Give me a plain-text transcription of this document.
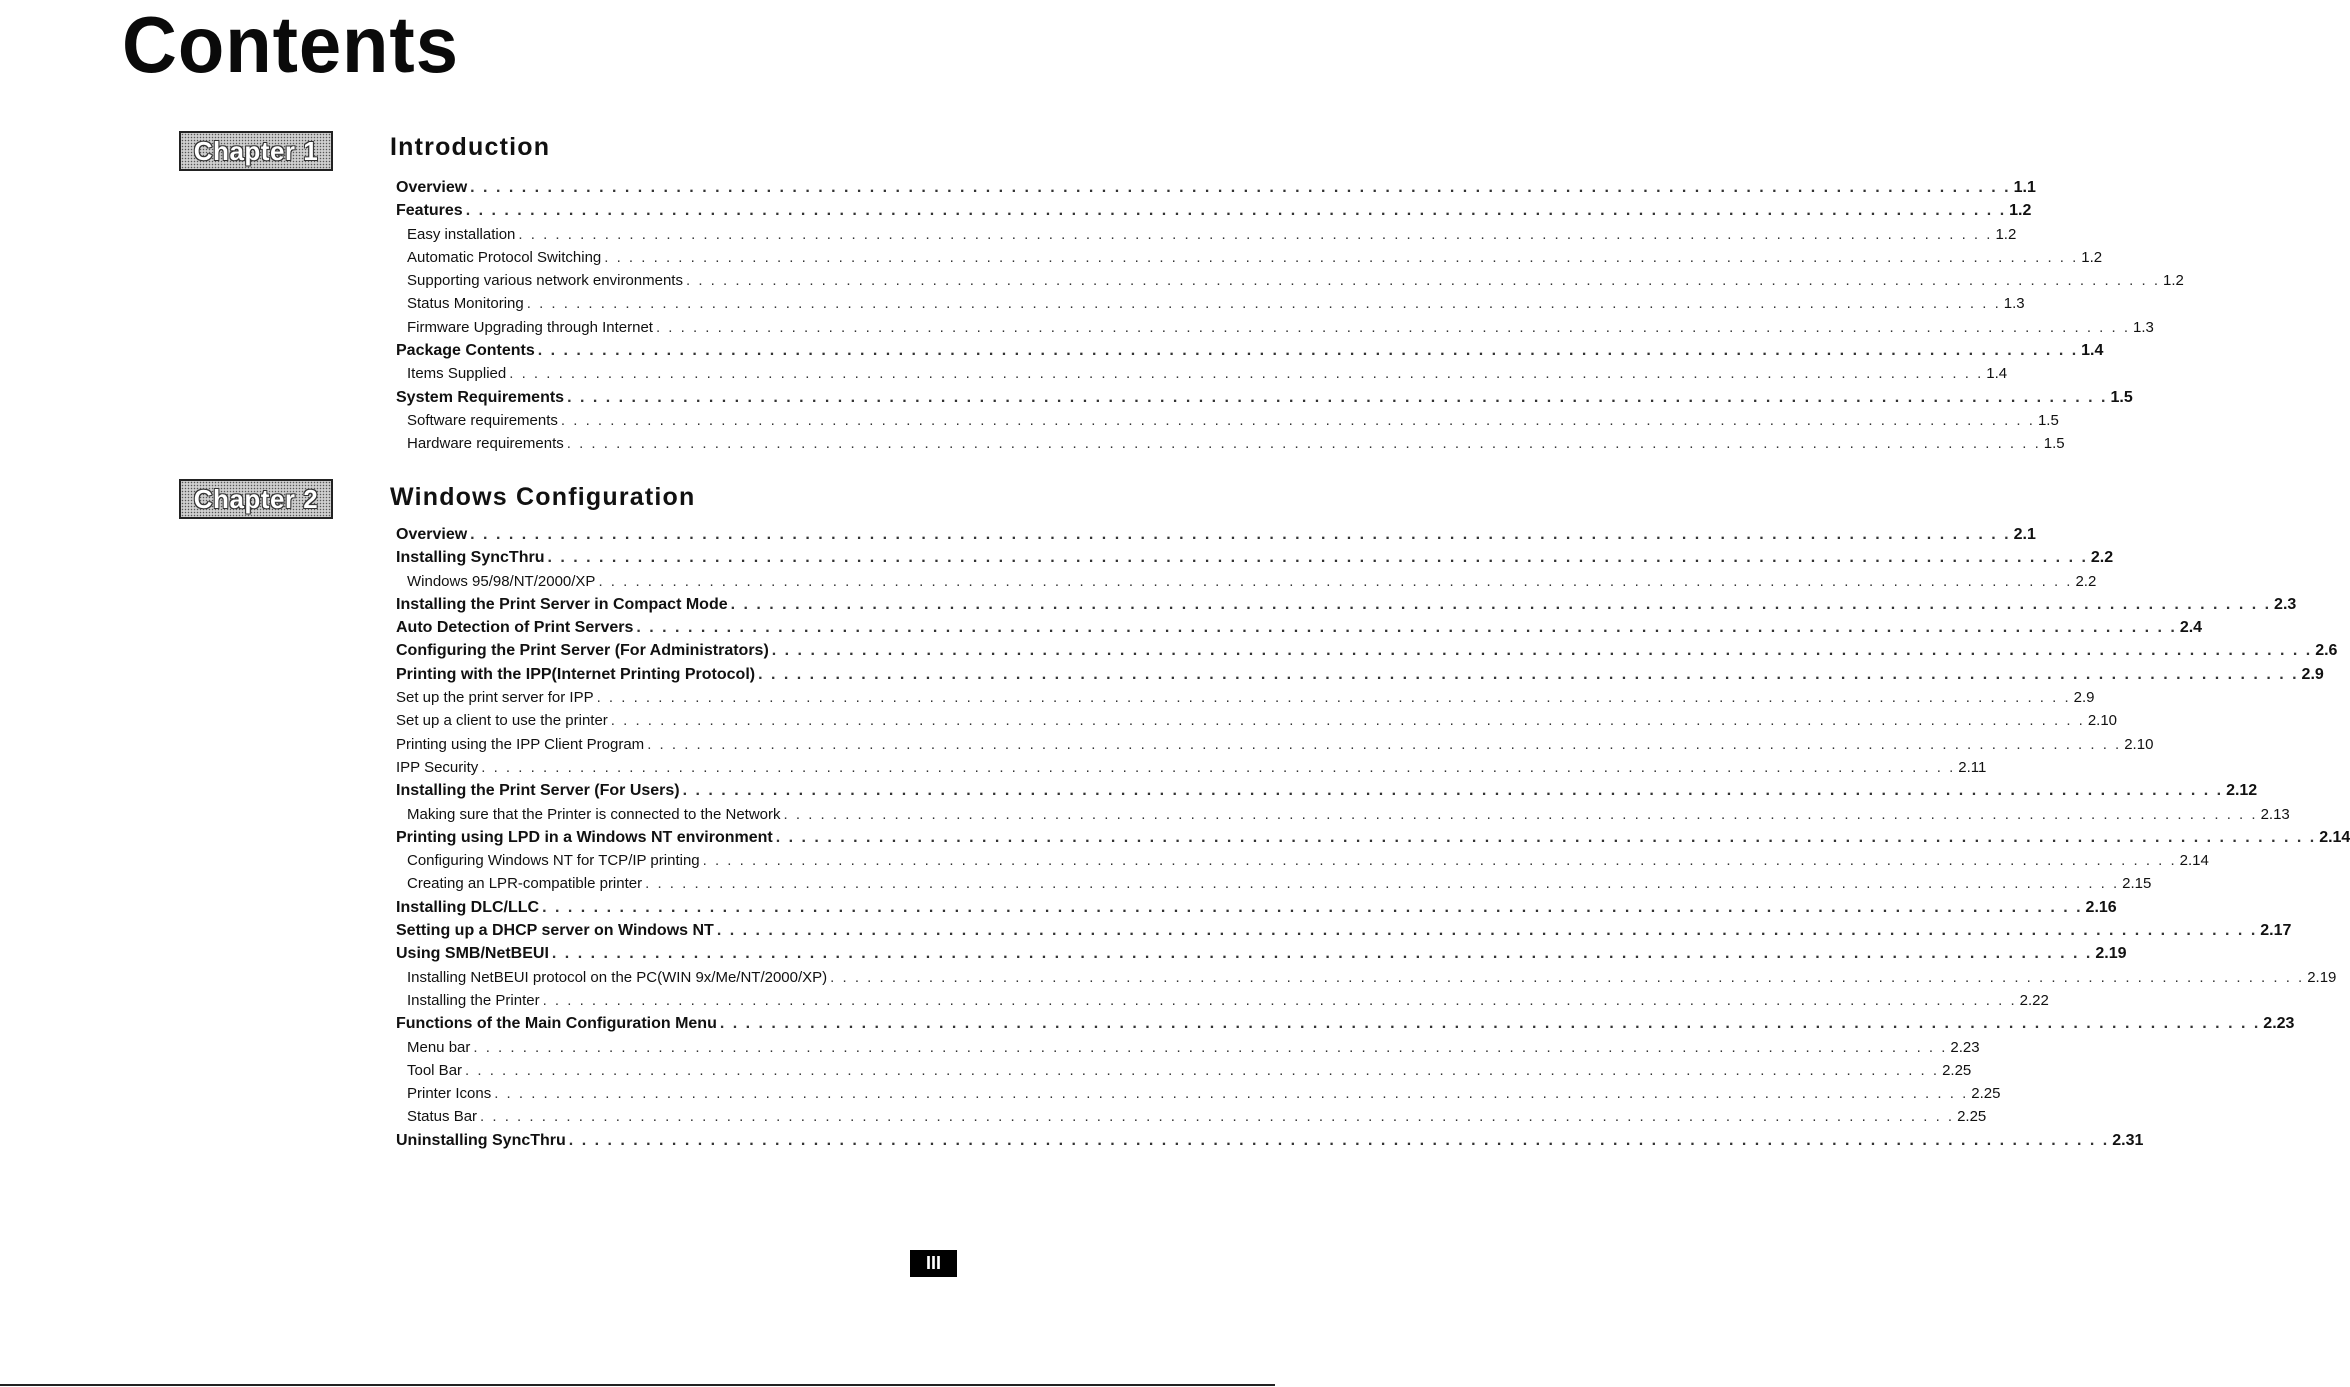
Contents
Chapter 1	Introduction
Overview . . . . . . . . . . . . . . . . . . . . . . . . . . . . . . . . . . . . . . . . . . . . . . . . . . . . . . . . . . . . . . . . . . . . . . . . . . . . . . . . . . . . . . . . . . . . . . . . . . . . . . . . . . . . . . . . . . . . . . . . 1.1
Features . . . . . . . . . . . . . . . . . . . . . . . . . . . . . . . . . . . . . . . . . . . . . . . . . . . . . . . . . . . . . . . . . . . . . . . . . . . . . . . . . . . . . . . . . . . . . . . . . . . . . . . . . . . . . . . . . . . . . . . . 1.2
Easy installation . . . . . . . . . . . . . . . . . . . . . . . . . . . . . . . . . . . . . . . . . . . . . . . . . . . . . . . . . . . . . . . . . . . . . . . . . . . . . . . . . . . . . . . . . . . . . . . . . . . . . . . . . . . . . . . . . . . . . . . . 1.2
Automatic Protocol Switching . . . . . . . . . . . . . . . . . . . . . . . . . . . . . . . . . . . . . . . . . . . . . . . . . . . . . . . . . . . . . . . . . . . . . . . . . . . . . . . . . . . . . . . . . . . . . . . . . . . . . . . . . . . . . . . . . . . . . . . . 1.2
Supporting various network environments . . . . . . . . . . . . . . . . . . . . . . . . . . . . . . . . . . . . . . . . . . . . . . . . . . . . . . . . . . . . . . . . . . . . . . . . . . . . . . . . . . . . . . . . . . . . . . . . . . . . . . . . . . . . . . . . . . . . . . . . 1.2
Status Monitoring . . . . . . . . . . . . . . . . . . . . . . . . . . . . . . . . . . . . . . . . . . . . . . . . . . . . . . . . . . . . . . . . . . . . . . . . . . . . . . . . . . . . . . . . . . . . . . . . . . . . . . . . . . . . . . . . . . . . . . . . 1.3
Firmware Upgrading through Internet . . . . . . . . . . . . . . . . . . . . . . . . . . . . . . . . . . . . . . . . . . . . . . . . . . . . . . . . . . . . . . . . . . . . . . . . . . . . . . . . . . . . . . . . . . . . . . . . . . . . . . . . . . . . . . . . . . . . . . . . 1.3
Package Contents . . . . . . . . . . . . . . . . . . . . . . . . . . . . . . . . . . . . . . . . . . . . . . . . . . . . . . . . . . . . . . . . . . . . . . . . . . . . . . . . . . . . . . . . . . . . . . . . . . . . . . . . . . . . . . . . . . . . . . . . 1.4
Items Supplied . . . . . . . . . . . . . . . . . . . . . . . . . . . . . . . . . . . . . . . . . . . . . . . . . . . . . . . . . . . . . . . . . . . . . . . . . . . . . . . . . . . . . . . . . . . . . . . . . . . . . . . . . . . . . . . . . . . . . . . . 1.4
System Requirements . . . . . . . . . . . . . . . . . . . . . . . . . . . . . . . . . . . . . . . . . . . . . . . . . . . . . . . . . . . . . . . . . . . . . . . . . . . . . . . . . . . . . . . . . . . . . . . . . . . . . . . . . . . . . . . . . . . . . . . . 1.5
Software requirements . . . . . . . . . . . . . . . . . . . . . . . . . . . . . . . . . . . . . . . . . . . . . . . . . . . . . . . . . . . . . . . . . . . . . . . . . . . . . . . . . . . . . . . . . . . . . . . . . . . . . . . . . . . . . . . . . . . . . . . . 1.5
Hardware requirements . . . . . . . . . . . . . . . . . . . . . . . . . . . . . . . . . . . . . . . . . . . . . . . . . . . . . . . . . . . . . . . . . . . . . . . . . . . . . . . . . . . . . . . . . . . . . . . . . . . . . . . . . . . . . . . . . . . . . . . . 1.5
Chapter 2	Windows Configuration
Overview . . . . . . . . . . . . . . . . . . . . . . . . . . . . . . . . . . . . . . . . . . . . . . . . . . . . . . . . . . . . . . . . . . . . . . . . . . . . . . . . . . . . . . . . . . . . . . . . . . . . . . . . . . . . . . . . . . . . . . . . 2.1
Installing SyncThru . . . . . . . . . . . . . . . . . . . . . . . . . . . . . . . . . . . . . . . . . . . . . . . . . . . . . . . . . . . . . . . . . . . . . . . . . . . . . . . . . . . . . . . . . . . . . . . . . . . . . . . . . . . . . . . . . . . . . . . . 2.2
Windows 95/98/NT/2000/XP . . . . . . . . . . . . . . . . . . . . . . . . . . . . . . . . . . . . . . . . . . . . . . . . . . . . . . . . . . . . . . . . . . . . . . . . . . . . . . . . . . . . . . . . . . . . . . . . . . . . . . . . . . . . . . . . . . . . . . . . 2.2
Installing the Print Server in Compact Mode . . . . . . . . . . . . . . . . . . . . . . . . . . . . . . . . . . . . . . . . . . . . . . . . . . . . . . . . . . . . . . . . . . . . . . . . . . . . . . . . . . . . . . . . . . . . . . . . . . . . . . . . . . . . . . . . . . . . . . . . 2.3
Auto Detection of Print Servers . . . . . . . . . . . . . . . . . . . . . . . . . . . . . . . . . . . . . . . . . . . . . . . . . . . . . . . . . . . . . . . . . . . . . . . . . . . . . . . . . . . . . . . . . . . . . . . . . . . . . . . . . . . . . . . . . . . . . . . . 2.4
Configuring the Print Server (For Administrators) . . . . . . . . . . . . . . . . . . . . . . . . . . . . . . . . . . . . . . . . . . . . . . . . . . . . . . . . . . . . . . . . . . . . . . . . . . . . . . . . . . . . . . . . . . . . . . . . . . . . . . . . . . . . . . . . . . . . . . . . 2.6
Printing with the IPP(Internet Printing Protocol) . . . . . . . . . . . . . . . . . . . . . . . . . . . . . . . . . . . . . . . . . . . . . . . . . . . . . . . . . . . . . . . . . . . . . . . . . . . . . . . . . . . . . . . . . . . . . . . . . . . . . . . . . . . . . . . . . . . . . . . . 2.9
Set up the print server for IPP . . . . . . . . . . . . . . . . . . . . . . . . . . . . . . . . . . . . . . . . . . . . . . . . . . . . . . . . . . . . . . . . . . . . . . . . . . . . . . . . . . . . . . . . . . . . . . . . . . . . . . . . . . . . . . . . . . . . . . . . 2.9
Set up a client to use the printer . . . . . . . . . . . . . . . . . . . . . . . . . . . . . . . . . . . . . . . . . . . . . . . . . . . . . . . . . . . . . . . . . . . . . . . . . . . . . . . . . . . . . . . . . . . . . . . . . . . . . . . . . . . . . . . . . . . . . . . . 2.10
Printing using the IPP Client Program . . . . . . . . . . . . . . . . . . . . . . . . . . . . . . . . . . . . . . . . . . . . . . . . . . . . . . . . . . . . . . . . . . . . . . . . . . . . . . . . . . . . . . . . . . . . . . . . . . . . . . . . . . . . . . . . . . . . . . . . 2.10
IPP Security . . . . . . . . . . . . . . . . . . . . . . . . . . . . . . . . . . . . . . . . . . . . . . . . . . . . . . . . . . . . . . . . . . . . . . . . . . . . . . . . . . . . . . . . . . . . . . . . . . . . . . . . . . . . . . . . . . . . . . . . 2.11
Installing the Print Server (For Users) . . . . . . . . . . . . . . . . . . . . . . . . . . . . . . . . . . . . . . . . . . . . . . . . . . . . . . . . . . . . . . . . . . . . . . . . . . . . . . . . . . . . . . . . . . . . . . . . . . . . . . . . . . . . . . . . . . . . . . . . 2.12
Making sure that the Printer is connected to the Network . . . . . . . . . . . . . . . . . . . . . . . . . . . . . . . . . . . . . . . . . . . . . . . . . . . . . . . . . . . . . . . . . . . . . . . . . . . . . . . . . . . . . . . . . . . . . . . . . . . . . . . . . . . . . . . . . . . . . . . . 2.13
Printing using LPD in a Windows NT environment . . . . . . . . . . . . . . . . . . . . . . . . . . . . . . . . . . . . . . . . . . . . . . . . . . . . . . . . . . . . . . . . . . . . . . . . . . . . . . . . . . . . . . . . . . . . . . . . . . . . . . . . . . . . . . . . . . . . . . . . 2.14
Configuring Windows NT for TCP/IP printing . . . . . . . . . . . . . . . . . . . . . . . . . . . . . . . . . . . . . . . . . . . . . . . . . . . . . . . . . . . . . . . . . . . . . . . . . . . . . . . . . . . . . . . . . . . . . . . . . . . . . . . . . . . . . . . . . . . . . . . . 2.14
Creating an LPR-compatible printer . . . . . . . . . . . . . . . . . . . . . . . . . . . . . . . . . . . . . . . . . . . . . . . . . . . . . . . . . . . . . . . . . . . . . . . . . . . . . . . . . . . . . . . . . . . . . . . . . . . . . . . . . . . . . . . . . . . . . . . . 2.15
Installing DLC/LLC . . . . . . . . . . . . . . . . . . . . . . . . . . . . . . . . . . . . . . . . . . . . . . . . . . . . . . . . . . . . . . . . . . . . . . . . . . . . . . . . . . . . . . . . . . . . . . . . . . . . . . . . . . . . . . . . . . . . . . . . 2.16
Setting up a DHCP server on Windows NT . . . . . . . . . . . . . . . . . . . . . . . . . . . . . . . . . . . . . . . . . . . . . . . . . . . . . . . . . . . . . . . . . . . . . . . . . . . . . . . . . . . . . . . . . . . . . . . . . . . . . . . . . . . . . . . . . . . . . . . . 2.17
Using SMB/NetBEUI . . . . . . . . . . . . . . . . . . . . . . . . . . . . . . . . . . . . . . . . . . . . . . . . . . . . . . . . . . . . . . . . . . . . . . . . . . . . . . . . . . . . . . . . . . . . . . . . . . . . . . . . . . . . . . . . . . . . . . . . 2.19
Installing NetBEUI protocol on the PC(WIN 9x/Me/NT/2000/XP) . . . . . . . . . . . . . . . . . . . . . . . . . . . . . . . . . . . . . . . . . . . . . . . . . . . . . . . . . . . . . . . . . . . . . . . . . . . . . . . . . . . . . . . . . . . . . . . . . . . . . . . . . . . . . . . . . . . . . . . . 2.19
Installing the Printer . . . . . . . . . . . . . . . . . . . . . . . . . . . . . . . . . . . . . . . . . . . . . . . . . . . . . . . . . . . . . . . . . . . . . . . . . . . . . . . . . . . . . . . . . . . . . . . . . . . . . . . . . . . . . . . . . . . . . . . . 2.22
Functions of the Main Configuration Menu . . . . . . . . . . . . . . . . . . . . . . . . . . . . . . . . . . . . . . . . . . . . . . . . . . . . . . . . . . . . . . . . . . . . . . . . . . . . . . . . . . . . . . . . . . . . . . . . . . . . . . . . . . . . . . . . . . . . . . . . 2.23
Menu bar . . . . . . . . . . . . . . . . . . . . . . . . . . . . . . . . . . . . . . . . . . . . . . . . . . . . . . . . . . . . . . . . . . . . . . . . . . . . . . . . . . . . . . . . . . . . . . . . . . . . . . . . . . . . . . . . . . . . . . . . 2.23
Tool Bar . . . . . . . . . . . . . . . . . . . . . . . . . . . . . . . . . . . . . . . . . . . . . . . . . . . . . . . . . . . . . . . . . . . . . . . . . . . . . . . . . . . . . . . . . . . . . . . . . . . . . . . . . . . . . . . . . . . . . . . . 2.25
Printer Icons . . . . . . . . . . . . . . . . . . . . . . . . . . . . . . . . . . . . . . . . . . . . . . . . . . . . . . . . . . . . . . . . . . . . . . . . . . . . . . . . . . . . . . . . . . . . . . . . . . . . . . . . . . . . . . . . . . . . . . . . 2.25
Status Bar . . . . . . . . . . . . . . . . . . . . . . . . . . . . . . . . . . . . . . . . . . . . . . . . . . . . . . . . . . . . . . . . . . . . . . . . . . . . . . . . . . . . . . . . . . . . . . . . . . . . . . . . . . . . . . . . . . . . . . . . 2.25
Uninstalling SyncThru . . . . . . . . . . . . . . . . . . . . . . . . . . . . . . . . . . . . . . . . . . . . . . . . . . . . . . . . . . . . . . . . . . . . . . . . . . . . . . . . . . . . . . . . . . . . . . . . . . . . . . . . . . . . . . . . . . . . . . . . 2.31
III
